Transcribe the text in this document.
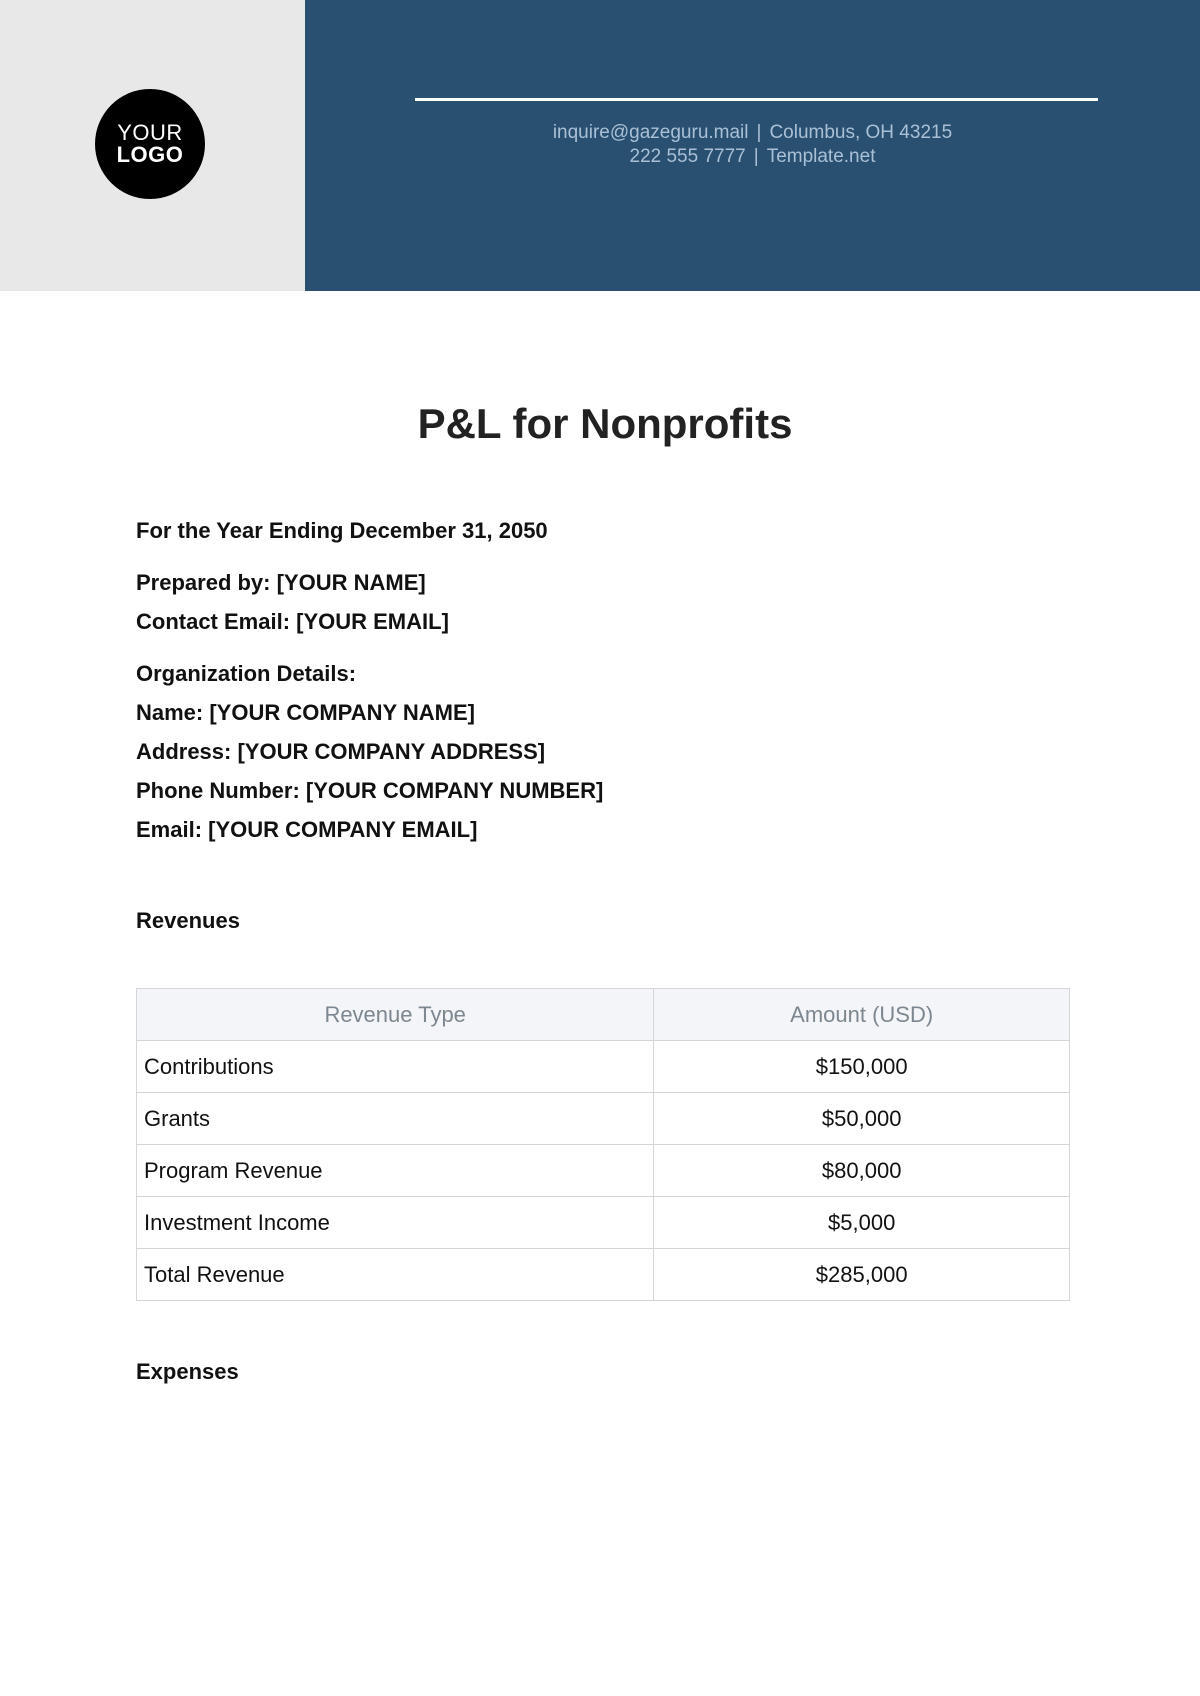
YOUR
LOGO
inquire@gazeguru.mail | Columbus, OH 43215
222 555 7777 | Template.net
P&L for Nonprofits
For the Year Ending December 31, 2050
Prepared by: [YOUR NAME]
Contact Email: [YOUR EMAIL]
Organization Details:
Name: [YOUR COMPANY NAME]
Address: [YOUR COMPANY ADDRESS]
Phone Number: [YOUR COMPANY NUMBER]
Email: [YOUR COMPANY EMAIL]
Revenues
Revenue Type	Amount (USD)
Contributions	$150,000
Grants	$50,000
Program Revenue	$80,000
Investment Income	$5,000
Total Revenue	$285,000
Expenses
